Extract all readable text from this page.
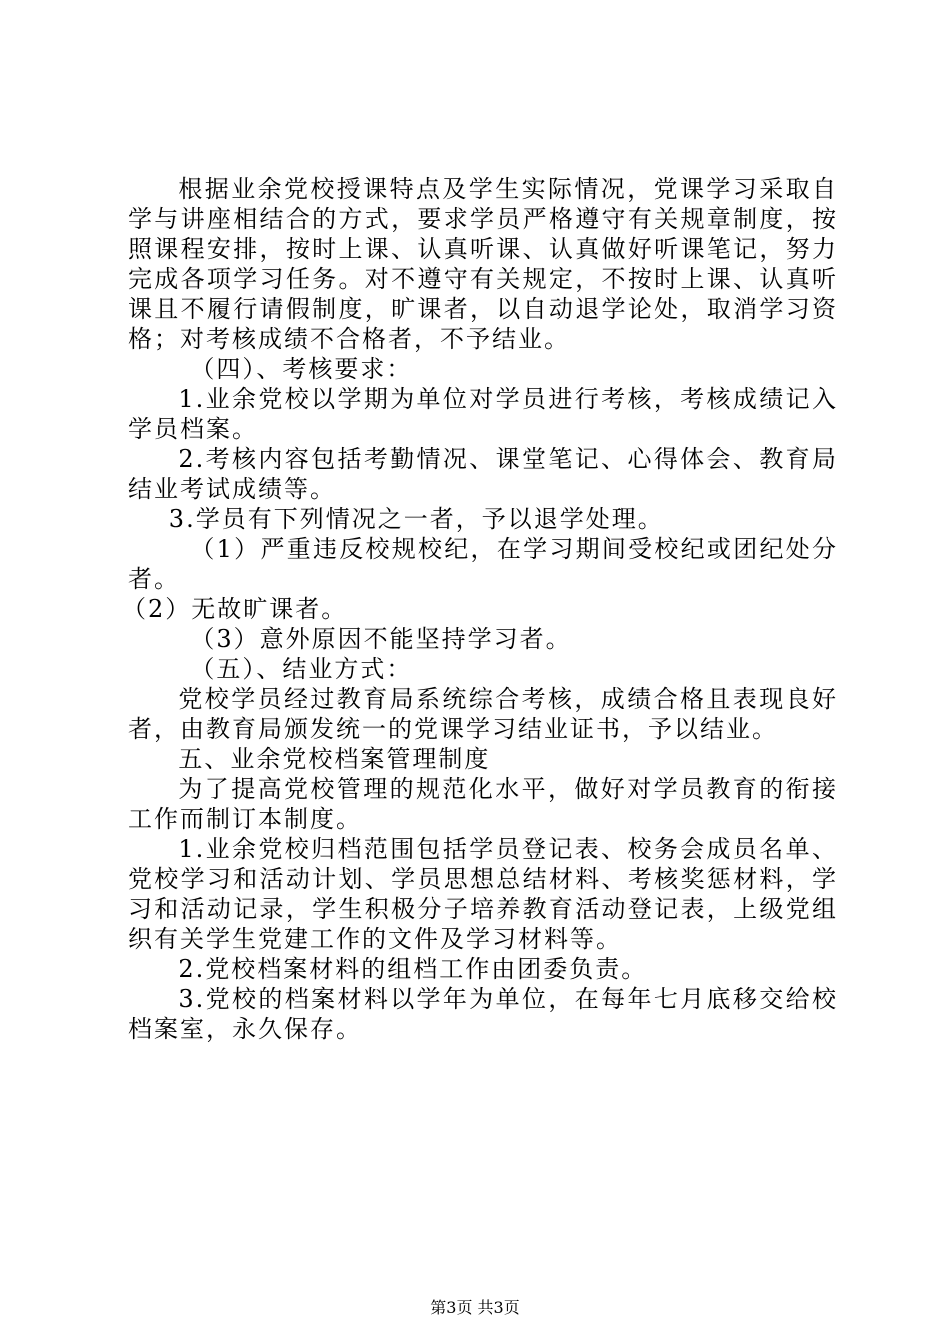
根据业余党校授课特点及学生实际情况，党课学习采取自学与讲座相结合的方式，要求学员严格遵守有关规章制度，按照课程安排，按时上课、认真听课、认真做好听课笔记，努力完成各项学习任务。对不遵守有关规定，不按时上课、认真听课且不履行请假制度，旷课者，以自动退学论处，取消学习资格；对考核成绩不合格者，不予结业。

（四）、考核要求：

1.业余党校以学期为单位对学员进行考核，考核成绩记入学员档案。

2.考核内容包括考勤情况、课堂笔记、心得体会、教育局结业考试成绩等。

3.学员有下列情况之一者，予以退学处理。

（1）严重违反校规校纪，在学习期间受校纪或团纪处分者。

（2）无故旷课者。

（3）意外原因不能坚持学习者。

（五）、结业方式：

党校学员经过教育局系统综合考核，成绩合格且表现良好者，由教育局颁发统一的党课学习结业证书，予以结业。

五、业余党校档案管理制度

为了提高党校管理的规范化水平，做好对学员教育的衔接工作而制订本制度。

1.业余党校归档范围包括学员登记表、校务会成员名单、党校学习和活动计划、学员思想总结材料、考核奖惩材料，学习和活动记录，学生积极分子培养教育活动登记表，上级党组织有关学生党建工作的文件及学习材料等。

2.党校档案材料的组档工作由团委负责。

3.党校的档案材料以学年为单位，在每年七月底移交给校档案室，永久保存。

第3页 共3页
